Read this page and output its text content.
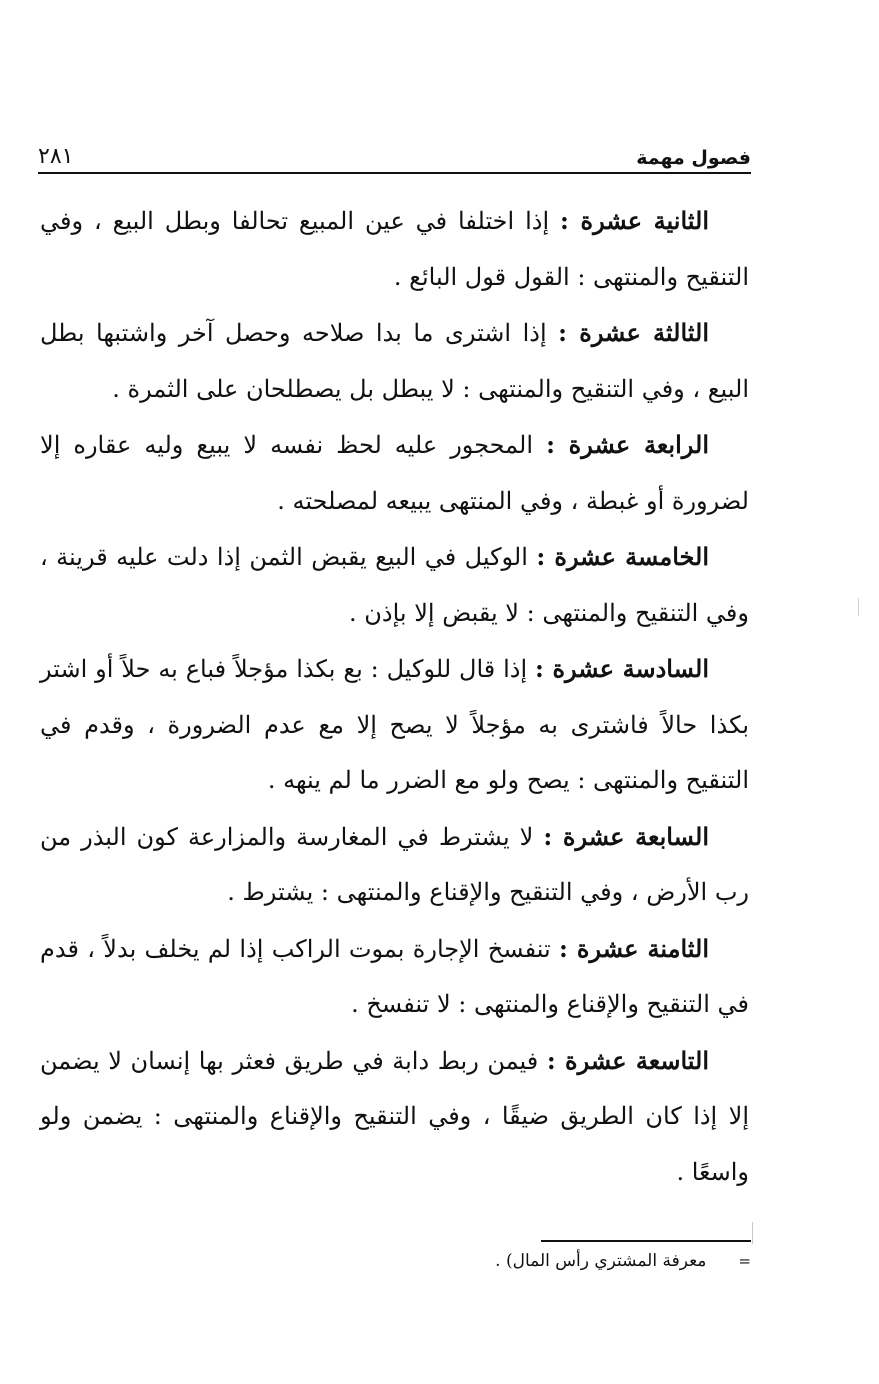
فصول مهمة
٢٨١

الثانية عشرة : إذا اختلفا في عين المبيع تحالفا وبطل البيع ، وفي التنقيح والمنتهى : القول قول البائع .

الثالثة عشرة : إذا اشترى ما بدا صلاحه وحصل آخر واشتبها بطل البيع ، وفي التنقيح والمنتهى : لا يبطل بل يصطلحان على الثمرة .

الرابعة عشرة : المحجور عليه لحظ نفسه لا يبيع وليه عقاره إلا لضرورة أو غبطة ، وفي المنتهى يبيعه لمصلحته .

الخامسة عشرة : الوكيل في البيع يقبض الثمن إذا دلت عليه قرينة ، وفي التنقيح والمنتهى : لا يقبض إلا بإذن .

السادسة عشرة : إذا قال للوكيل : بع بكذا مؤجلاً فباع به حلاً أو اشتر بكذا حالاً فاشترى به مؤجلاً لا يصح إلا مع عدم الضرورة ، وقدم في التنقيح والمنتهى : يصح ولو مع الضرر ما لم ينهه .

السابعة عشرة : لا يشترط في المغارسة والمزارعة كون البذر من رب الأرض ، وفي التنقيح والإقناع والمنتهى : يشترط .

الثامنة عشرة : تنفسخ الإجارة بموت الراكب إذا لم يخلف بدلاً ، قدم في التنقيح والإقناع والمنتهى : لا تنفسخ .

التاسعة عشرة : فيمن ربط دابة في طريق فعثر بها إنسان لا يضمن إلا إذا كان الطريق ضيقًا ، وفي التنقيح والإقناع والمنتهى : يضمن ولو واسعًا .

=معرفة المشتري رأس المال) .
